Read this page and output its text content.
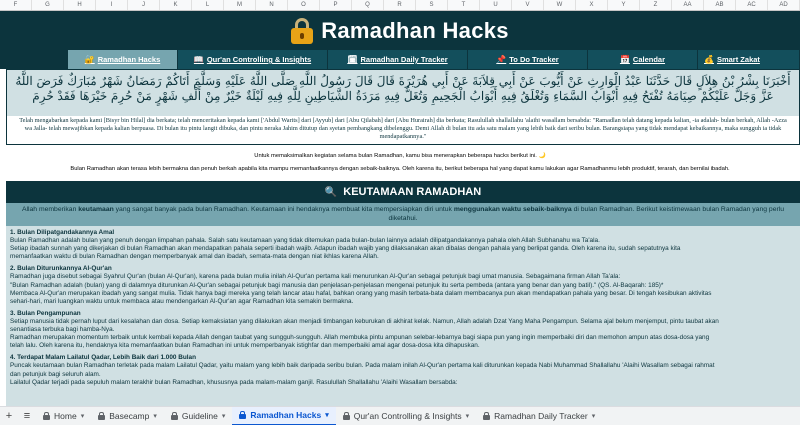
F	G	H	I	J	K	L	M	N	O	P	Q	R	S	T	U	V	W	X	Y	Z	AA	AB	AC	AD
Ramadhan Hacks
🔐 Ramadhan Hacks	📖 Qur'an Controlling & Insights	🗓 Ramadhan Daily Tracker	📌 To Do Tracker	📅 Calendar	💰 Smart Zakat
أَخْبَرَنَا بِشْرُ بْنُ هِلاَلٍ قَالَ حَدَّثَنَا عَبْدُ الْوَارِثِ عَنْ أَيُّوبَ عَنْ أَبِي قِلاَبَةَ عَنْ أَبِي هُرَيْرَةَ قَالَ قَالَ رَسُولُ اللَّهِ صَلَّى اللَّهُ عَلَيْهِ وَسَلَّمَ أَتَاكُمْ رَمَضَانُ شَهْرٌ مُبَارَكٌ فَرَضَ اللَّهُ عَزَّ وَجَلَّ عَلَيْكُمْ صِيَامَهُ تُفْتَحُ فِيهِ أَبْوَابُ السَّمَاءِ وَتُغْلَقُ فِيهِ أَبْوَابُ الْجَحِيمِ وَتُغَلُّ فِيهِ مَرَدَةُ الشَّيَاطِينِ لِلَّهِ فِيهِ لَيْلَةٌ خَيْرٌ مِنْ أَلْفِ شَهْرٍ مَنْ حُرِمَ خَيْرَهَا فَقَدْ حُرِمَ
Telah mengabarkan kepada kami [Bisyr bin Hilal] dia berkata; telah menceritakan kepada kami ['Abdul Warits] dari [Ayyub] dari [Abu Qilabah] dari [Abu Hurairah] dia berkata; Rasulullah shallallahu 'alaihi wasallam bersabda: "Ramadlan telah datang kepada kalian, -ia adalah- bulan berkah, Allah -Azza wa Jalla- telah mewajibkan kepada kalian berpuasa. Di bulan itu pintu langit dibuka, dan pintu neraka Jahim ditutup dan syetan pembangkang dibelenggu. Demi Allah di bulan itu ada satu malam yang lebih baik dari seribu bulan. Barangsiapa yang tidak mendapat kebaikannya, maka sungguh ia tidak mendapatkannya."
Untuk memaksimalkan kegiatan selama bulan Ramadhan, kamu bisa menerapkan beberapa hacks berikut ini. 🌙
Bulan Ramadhan akan terasa lebih bermakna dan penuh berkah apabila kita mampu memanfaatkannya dengan sebaik-baiknya. Oleh karena itu, berikut beberapa hal yang dapat kamu lakukan agar Ramadhanmu lebih produktif, terarah, dan bernilai ibadah.
🔍 KEUTAMAAN RAMADHAN
Allah memberikan keutamaan yang sangat banyak pada bulan Ramadhan. Keutamaan ini hendaknya membuat kita mempersiapkan diri untuk menggunakan waktu sebaik-baiknya di bulan Ramadhan. Berikut keistimewaan bulan Ramadan yang perlu diketahui.
1. Bulan Dilipatgandakannya Amal
Bulan Ramadhan adalah bulan yang penuh dengan limpahan pahala. Salah satu keutamaan yang tidak ditemukan pada bulan-bulan lainnya adalah dilipatgandakannya pahala oleh Allah Subhanahu wa Ta'ala.
Setiap ibadah sunnah yang dikerjakan di bulan Ramadhan akan mendapatkan pahala seperti ibadah wajib. Adapun ibadah wajib yang dilaksanakan akan dibalas dengan pahala yang berlipat ganda. Oleh karena itu, sudah sepatutnya kita
memanfaatkan waktu di bulan Ramadhan dengan memperbanyak amal dan ibadah, semata-mata dengan niat ikhlas karena Allah.
2. Bulan Diturunkannya Al-Qur'an
Ramadhan juga disebut sebagai Syahrul Qur'an (bulan Al-Qur'an), karena pada bulan mulia inilah Al-Qur'an pertama kali menurunkan Al-Qur'an sebagai petunjuk bagi umat manusia. Sebagaimana firman Allah Ta'ala:
"Bulan Ramadhan adalah (bulan) yang di dalamnya diturunkan Al-Qur'an sebagai petunjuk bagi manusia dan penjelasan-penjelasan mengenai petunjuk itu serta pembeda (antara yang benar dan yang batil)." (QS. Al-Baqarah: 185)*
Membaca Al-Qur'an merupakan ibadah yang sangat mulia. Tidak hanya bagi mereka yang telah lancar atau hafal, bahkan orang yang masih terbata-bata dalam membacanya pun akan mendapatkan pahala yang besar. Di tengah kesibukan aktivitas
sehari-hari, mari luangkan waktu untuk membaca atau mendengarkan Al-Qur'an agar Ramadhan kita semakin bermakna.
3. Bulan Pengampunan
Setiap manusia tidak pernah luput dari kesalahan dan dosa. Setiap kemaksiatan yang dilakukan akan menjadi timbangan keburukan di akhirat kelak. Namun, Allah adalah Dzat Yang Maha Pengampun. Selama ajal belum menjemput, pintu taubat akan
senantiasa terbuka bagi hamba-Nya.
Ramadhan merupakan momentum terbaik untuk kembali kepada Allah dengan taubat yang sungguh-sungguh. Allah membuka pintu ampunan selebar-lebarnya bagi siapa pun yang ingin memperbaiki diri dan memohon ampun atas dosa-dosa yang
telah lalu. Oleh karena itu, hendaknya kita memanfaatkan bulan Ramadhan ini untuk memperbanyak istighfar dan memperbaiki amal agar dosa-dosa kita dihapuskan.
4. Terdapat Malam Lailatul Qadar, Lebih Baik dari 1.000 Bulan
Puncak keutamaan bulan Ramadhan terletak pada malam Lailatul Qadar, yaitu malam yang lebih baik daripada seribu bulan. Pada malam inilah Al-Qur'an pertama kali diturunkan kepada Nabi Muhammad Shallallahu 'Alaihi Wasallam sebagai rahmat
dan petunjuk bagi seluruh alam.
Lailatul Qadar terjadi pada sepuluh malam terakhir bulan Ramadhan, khususnya pada malam-malam ganjil. Rasulullah Shallallahu 'Alaihi Wasallam bersabda:
+	≡	Home ▾	Basecamp ▾	Guideline ▾	Ramadhan Hacks ▾	Qur'an Controlling & Insights ▾	Ramadhan Daily Tracker ▾
